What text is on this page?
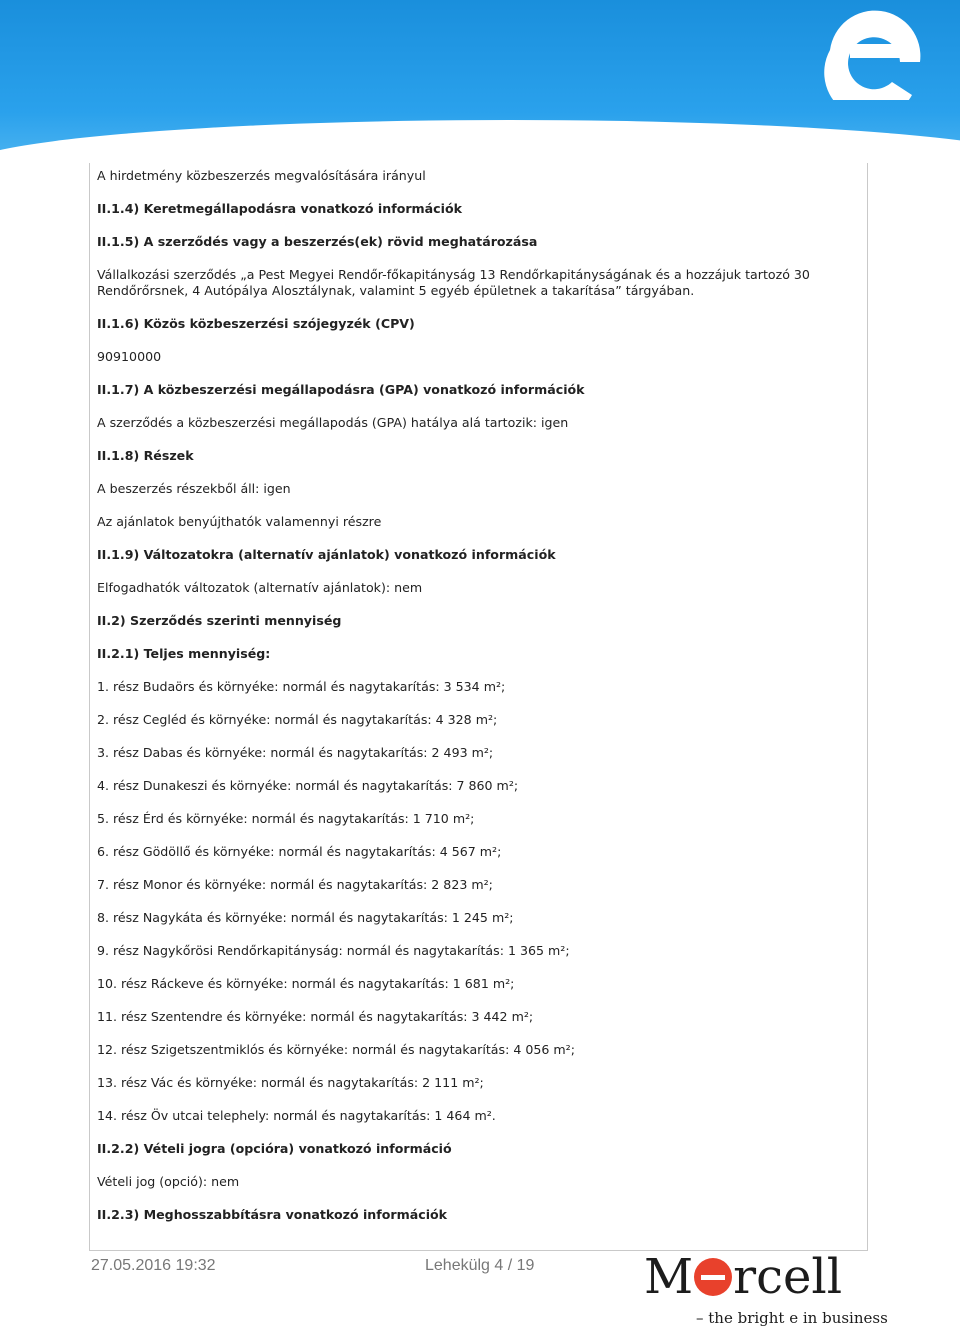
A hirdetmény közbeszerzés megvalósítására irányul
II.1.4) Keretmegállapodásra vonatkozó információk
II.1.5) A szerződés vagy a beszerzés(ek) rövid meghatározása
Vállalkozási szerződés „a Pest Megyei Rendőr-főkapitányság 13 Rendőrkapitányságának és a hozzájuk tartozó 30 Rendőrőrsnek, 4 Autópálya Alosztálynak, valamint 5 egyéb épületnek a takarítása” tárgyában.
II.1.6) Közös közbeszerzési szójegyzék (CPV)
90910000
II.1.7) A közbeszerzési megállapodásra (GPA) vonatkozó információk
A szerződés a közbeszerzési megállapodás (GPA) hatálya alá tartozik: igen
II.1.8) Részek
A beszerzés részekből áll: igen
Az ajánlatok benyújthatók valamennyi részre
II.1.9) Változatokra (alternatív ajánlatok) vonatkozó információk
Elfogadhatók változatok (alternatív ajánlatok): nem
II.2) Szerződés szerinti mennyiség
II.2.1) Teljes mennyiség:
1. rész Budaörs és környéke: normál és nagytakarítás: 3 534 m²;
2. rész Cegléd és környéke: normál és nagytakarítás: 4 328 m²;
3. rész Dabas és környéke: normál és nagytakarítás: 2 493 m²;
4. rész Dunakeszi és környéke: normál és nagytakarítás: 7 860 m²;
5. rész Érd és környéke: normál és nagytakarítás: 1 710 m²;
6. rész Gödöllő és környéke: normál és nagytakarítás: 4 567 m²;
7. rész Monor és környéke: normál és nagytakarítás: 2 823 m²;
8. rész Nagykáta és környéke: normál és nagytakarítás: 1 245 m²;
9. rész Nagykőrösi Rendőrkapitányság: normál és nagytakarítás: 1 365 m²;
10. rész Ráckeve és környéke: normál és nagytakarítás: 1 681 m²;
11. rész Szentendre és környéke: normál és nagytakarítás: 3 442 m²;
12. rész Szigetszentmiklós és környéke: normál és nagytakarítás: 4 056 m²;
13. rész Vác és környéke: normál és nagytakarítás: 2 111 m²;
14. rész Öv utcai telephely: normál és nagytakarítás: 1 464 m².
II.2.2) Vételi jogra (opcióra) vonatkozó információ
Vételi jog (opció): nem
II.2.3) Meghosszabbításra vonatkozó információk
27.05.2016 19:32	Lehekülg 4 / 19 M rcell
– the bright e in business
